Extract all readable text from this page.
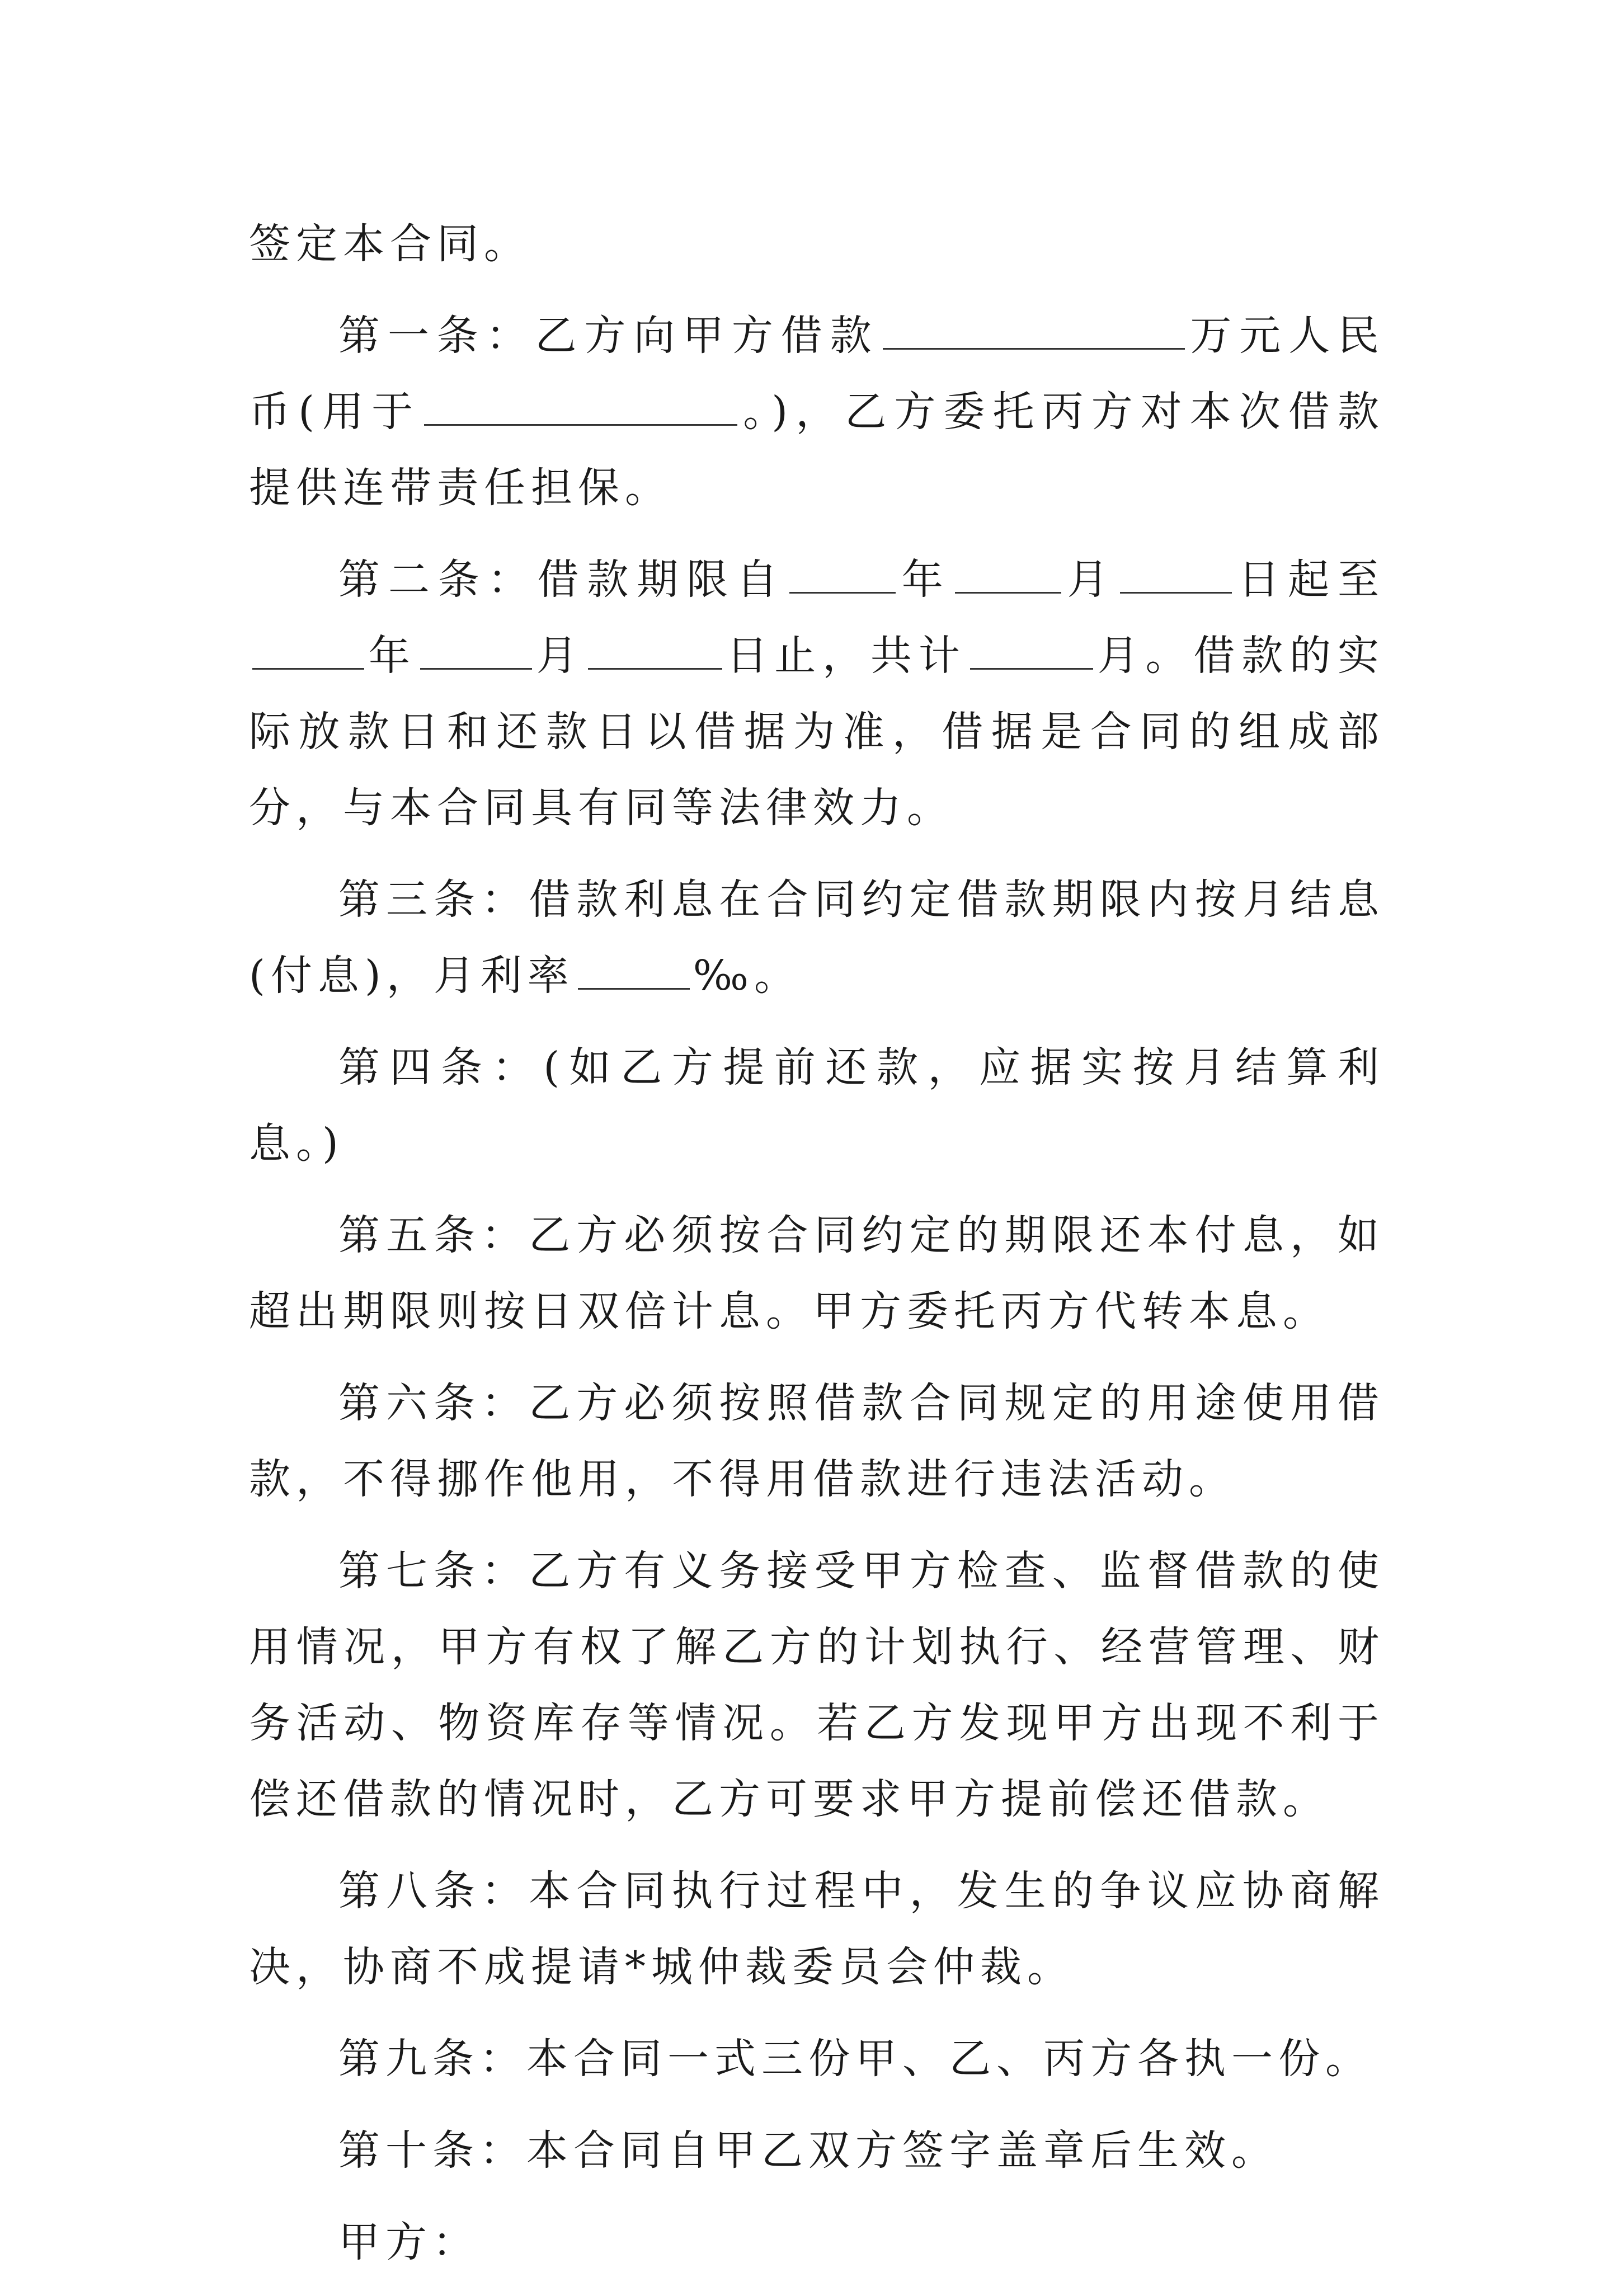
签定本合同。

第一条：乙方向甲方借款	万元人民币(用于	。)，乙方委托丙方对本次借款提供连带责任担保。

第二条：借款期限自	年	月	日起至年	月	日止，共计	月。借款的实际放款日和还款日以借据为准，借据是合同的组成部分，与本合同具有同等法律效力。

第三条：借款利息在合同约定借款期限内按月结息(付息)，月利率	‰。

第四条：(如乙方提前还款，应据实按月结算利息。)

第五条：乙方必须按合同约定的期限还本付息，如超出期限则按日双倍计息。甲方委托丙方代转本息。

第六条：乙方必须按照借款合同规定的用途使用借款，不得挪作他用，不得用借款进行违法活动。

第七条：乙方有义务接受甲方检查、监督借款的使用情况，甲方有权了解乙方的计划执行、经营管理、财务活动、物资库存等情况。若乙方发现甲方出现不利于偿还借款的情况时，乙方可要求甲方提前偿还借款。

第八条：本合同执行过程中，发生的争议应协商解决，协商不成提请*城仲裁委员会仲裁。

第九条：本合同一式三份甲、乙、丙方各执一份。

第十条：本合同自甲乙双方签字盖章后生效。

甲方：
